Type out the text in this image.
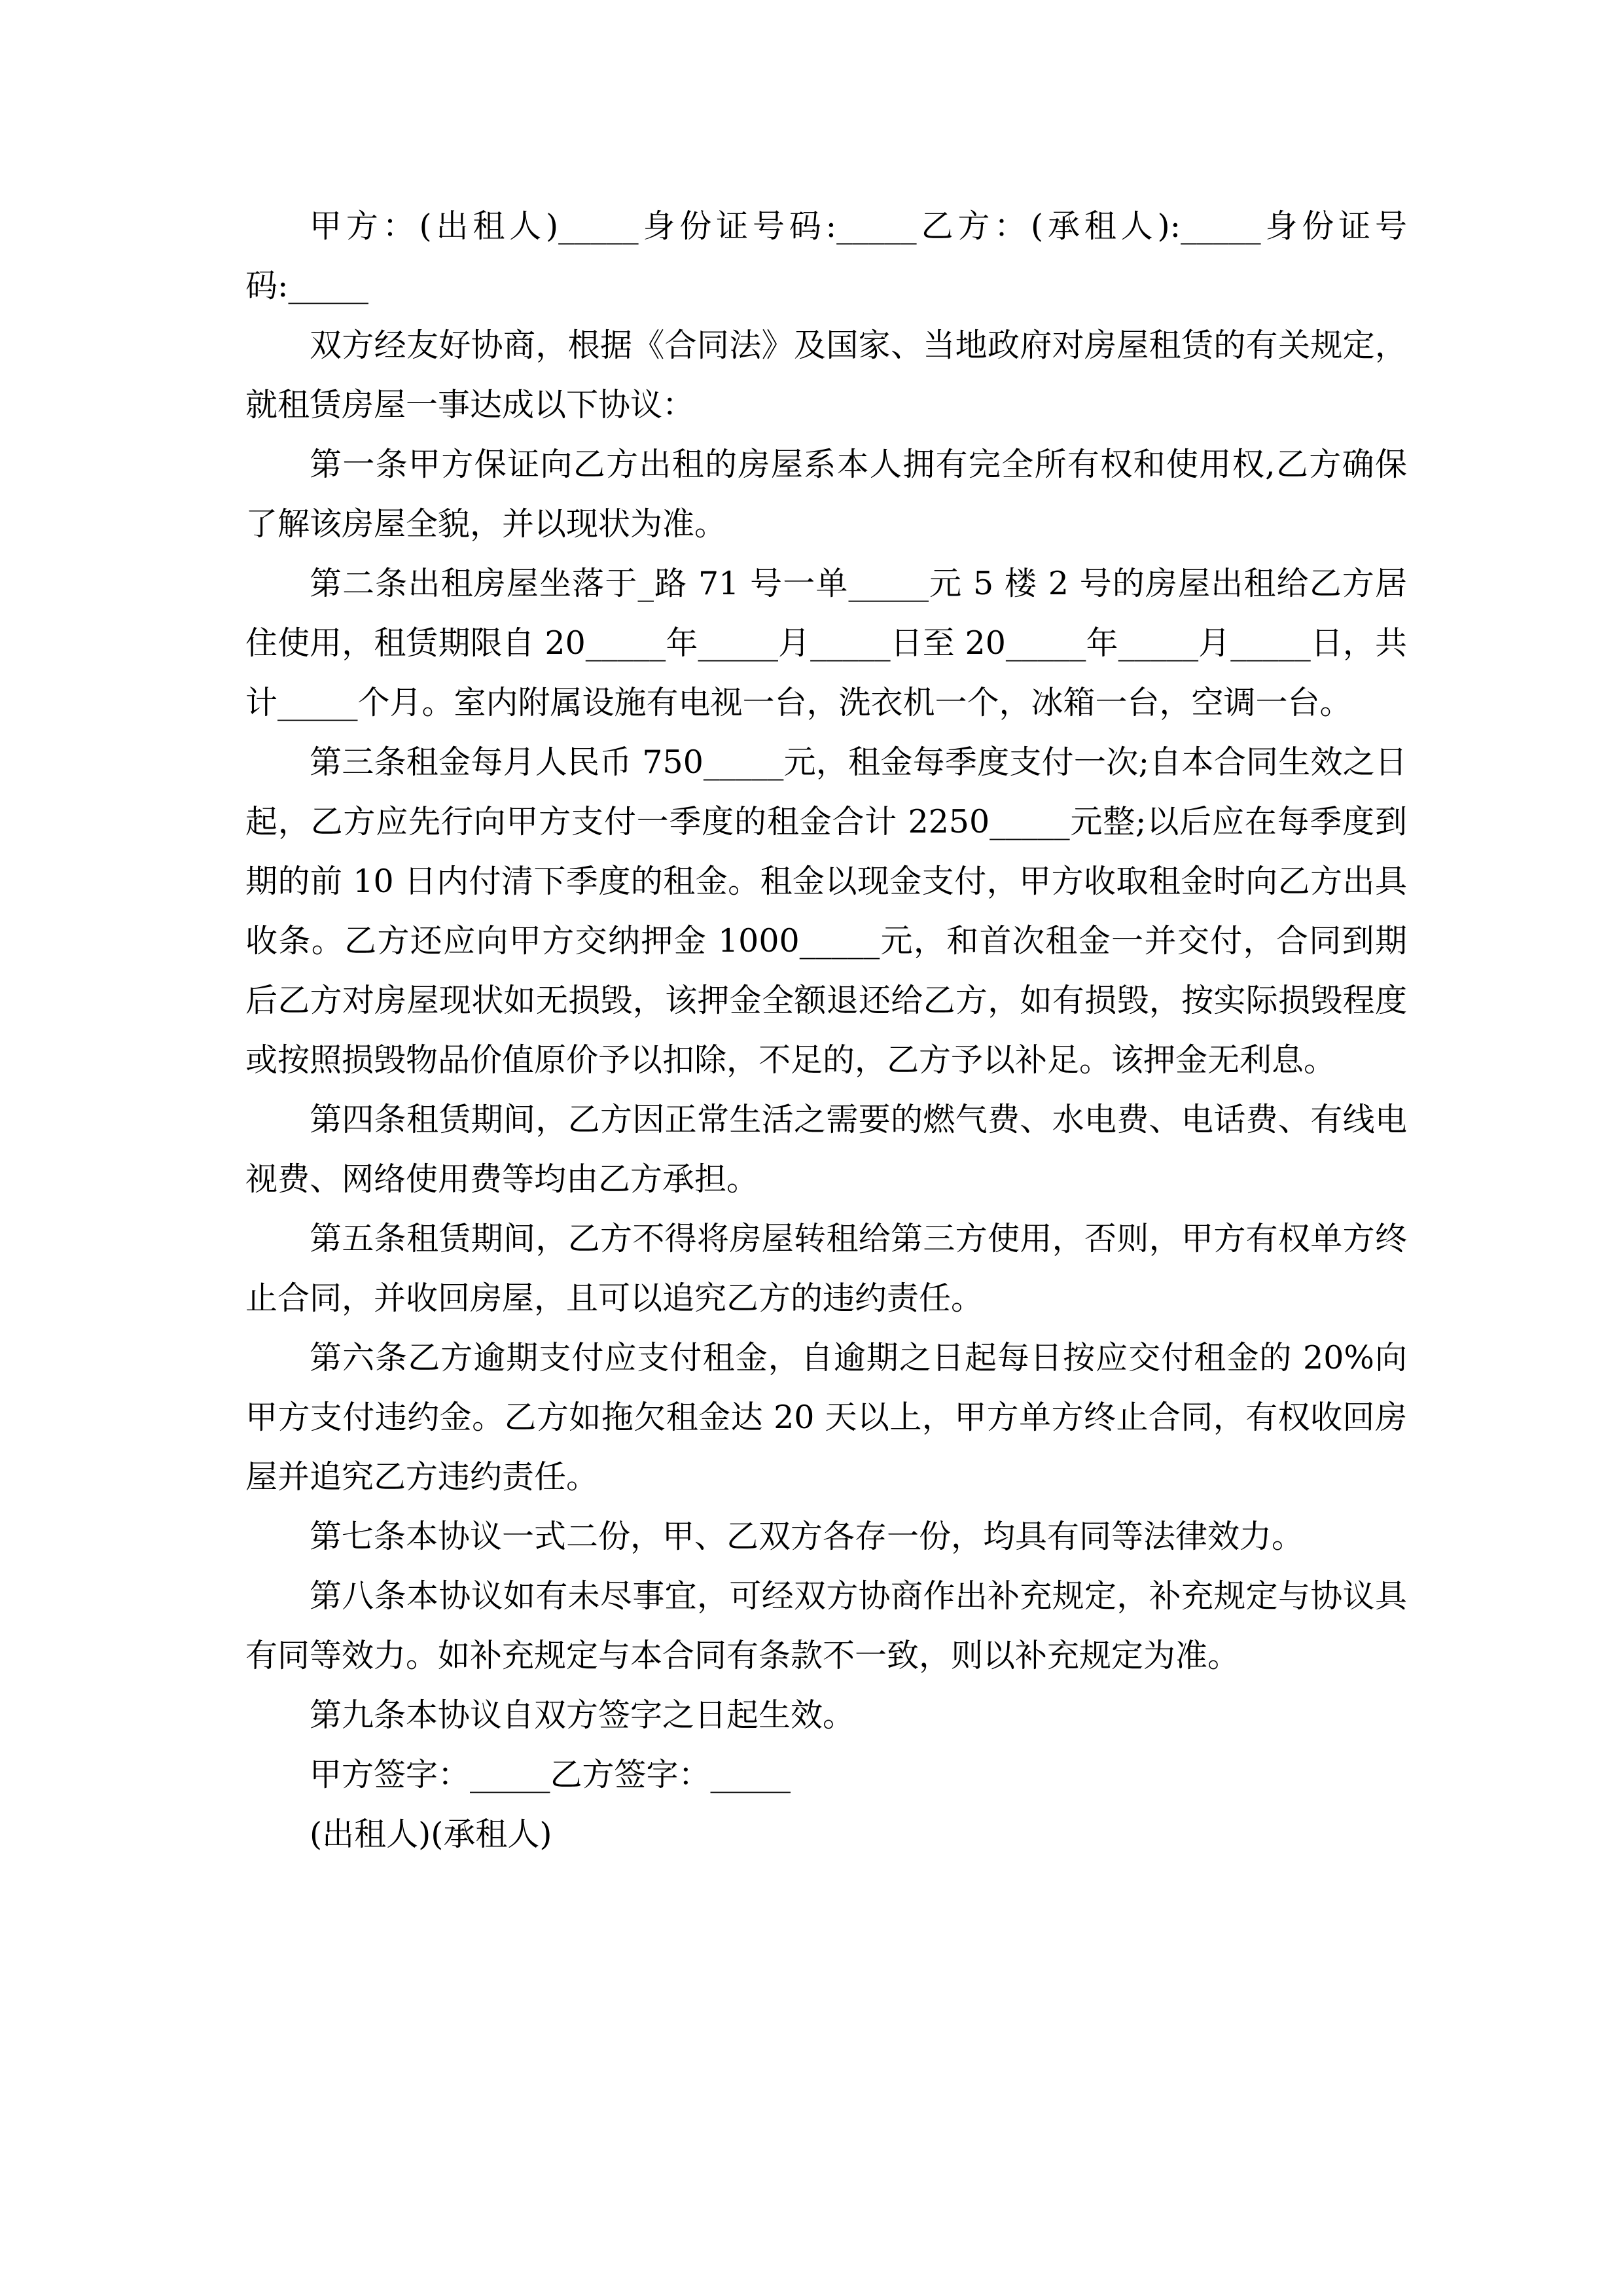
甲方：(出租人)_____身份证号码:_____乙方：(承租人):_____身份证号码:_____

双方经友好协商，根据《合同法》及国家、当地政府对房屋租赁的有关规定，就租赁房屋一事达成以下协议：

第一条甲方保证向乙方出租的房屋系本人拥有完全所有权和使用权,乙方确保了解该房屋全貌，并以现状为准。

第二条出租房屋坐落于_路 71 号一单_____元 5 楼 2 号的房屋出租给乙方居住使用，租赁期限自 20_____年_____月_____日至 20_____年_____月_____日，共计_____个月。室内附属设施有电视一台，洗衣机一个，冰箱一台，空调一台。

第三条租金每月人民币 750_____元，租金每季度支付一次;自本合同生效之日起，乙方应先行向甲方支付一季度的租金合计 2250_____元整;以后应在每季度到期的前 10 日内付清下季度的租金。租金以现金支付，甲方收取租金时向乙方出具收条。乙方还应向甲方交纳押金 1000_____元，和首次租金一并交付，合同到期后乙方对房屋现状如无损毁，该押金全额退还给乙方，如有损毁，按实际损毁程度或按照损毁物品价值原价予以扣除，不足的，乙方予以补足。该押金无利息。

第四条租赁期间，乙方因正常生活之需要的燃气费、水电费、电话费、有线电视费、网络使用费等均由乙方承担。

第五条租赁期间，乙方不得将房屋转租给第三方使用，否则，甲方有权单方终止合同，并收回房屋，且可以追究乙方的违约责任。

第六条乙方逾期支付应支付租金，自逾期之日起每日按应交付租金的 20%向甲方支付违约金。乙方如拖欠租金达 20 天以上，甲方单方终止合同，有权收回房屋并追究乙方违约责任。

第七条本协议一式二份，甲、乙双方各存一份，均具有同等法律效力。

第八条本协议如有未尽事宜，可经双方协商作出补充规定，补充规定与协议具有同等效力。如补充规定与本合同有条款不一致，则以补充规定为准。

第九条本协议自双方签字之日起生效。

甲方签字：_____乙方签字：_____

(出租人)(承租人)
